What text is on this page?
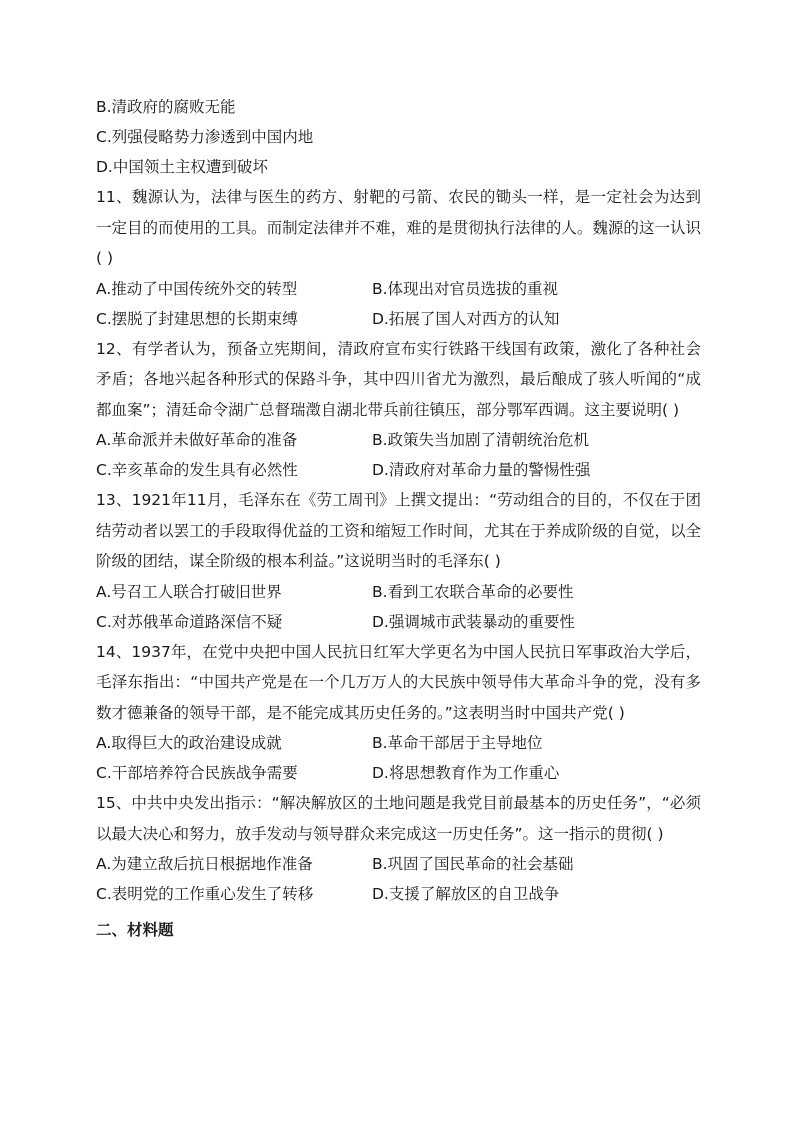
B.清政府的腐败无能
C.列强侵略势力渗透到中国内地
D.中国领土主权遭到破坏
11、魏源认为，法律与医生的药方、射靶的弓箭、农民的锄头一样，是一定社会为达到一定目的而使用的工具。而制定法律并不难，难的是贯彻执行法律的人。魏源的这一认识( )
A.推动了中国传统外交的转型	B.体现出对官员选拔的重视
C.摆脱了封建思想的长期束缚	D.拓展了国人对西方的认知
12、有学者认为，预备立宪期间，清政府宣布实行铁路干线国有政策，激化了各种社会矛盾；各地兴起各种形式的保路斗争，其中四川省尤为激烈，最后酿成了骇人听闻的“成都血案”；清廷命令湖广总督瑞澂自湖北带兵前往镇压，部分鄂军西调。这主要说明( )
A.革命派并未做好革命的准备	B.政策失当加剧了清朝统治危机
C.辛亥革命的发生具有必然性	D.清政府对革命力量的警惕性强
13、1921年11月，毛泽东在《劳工周刊》上撰文提出：“劳动组合的目的，不仅在于团结劳动者以罢工的手段取得优益的工资和缩短工作时间，尤其在于养成阶级的自觉，以全阶级的团结，谋全阶级的根本利益。”这说明当时的毛泽东( )
A.号召工人联合打破旧世界	B.看到工农联合革命的必要性
C.对苏俄革命道路深信不疑	D.强调城市武装暴动的重要性
14、1937年，在党中央把中国人民抗日红军大学更名为中国人民抗日军事政治大学后，毛泽东指出：“中国共产党是在一个几万万人的大民族中领导伟大革命斗争的党，没有多数才德兼备的领导干部，是不能完成其历史任务的。”这表明当时中国共产党( )
A.取得巨大的政治建设成就	B.革命干部居于主导地位
C.干部培养符合民族战争需要	D.将思想教育作为工作重心
15、中共中央发出指示：“解决解放区的土地问题是我党目前最基本的历史任务”，“必须以最大决心和努力，放手发动与领导群众来完成这一历史任务”。这一指示的贯彻( )
A.为建立敌后抗日根据地作准备	B.巩固了国民革命的社会基础
C.表明党的工作重心发生了转移	D.支援了解放区的自卫战争
二、材料题
